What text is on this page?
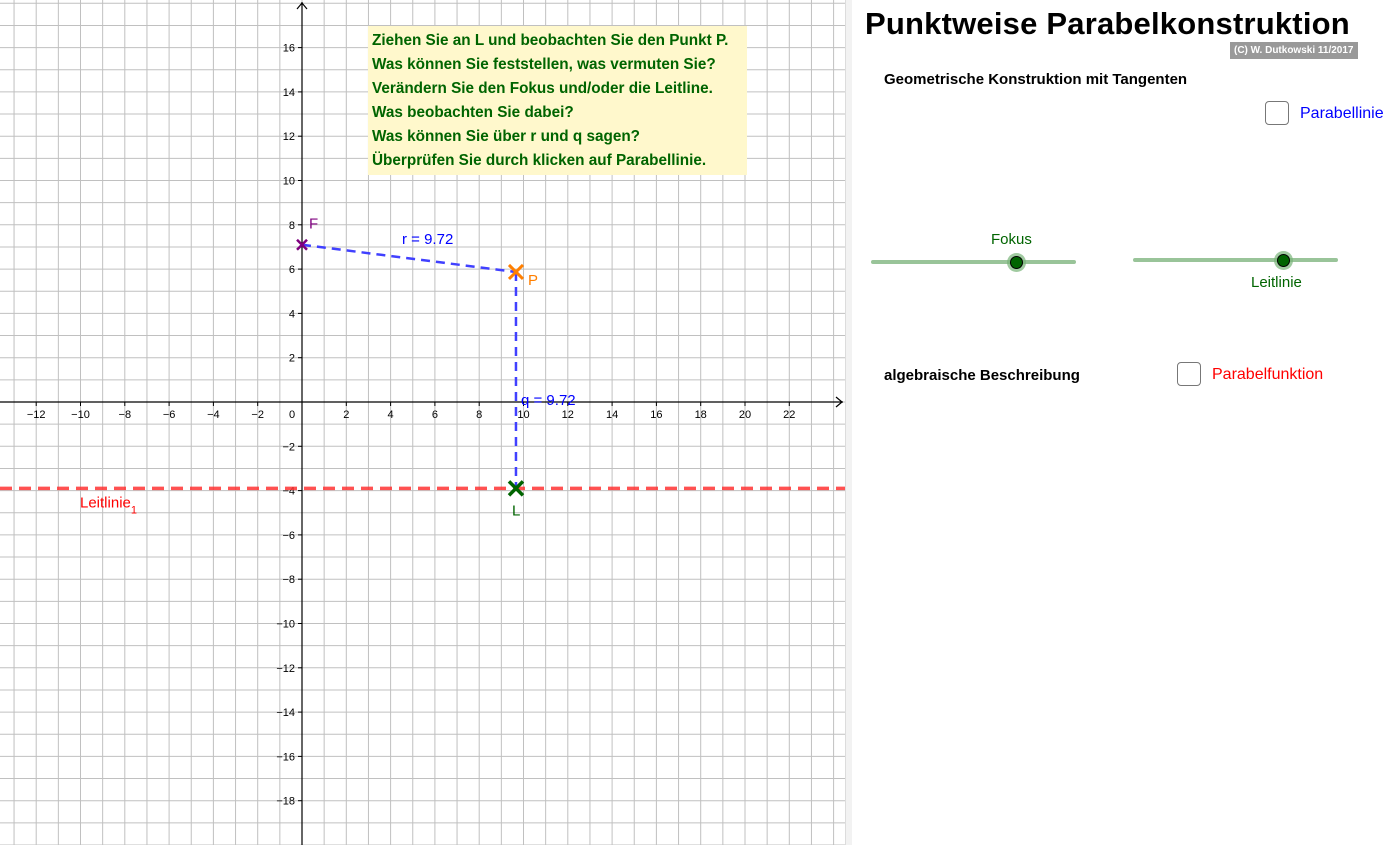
−12 −10	−8	−6	−4	−2 0	2	4	6	8	10	12	14	16	18	20	22
16
14
12
10
8
6
4
2
−2
−4
−6
−8
−10
−12
−14
−16
−18
Leitlinie$_1$
r = 9.72
q = 9.72
F
P
L
Ziehen Sie an L und beobachten Sie den Punkt P.
Was können Sie feststellen, was vermuten Sie?
Verändern Sie den Fokus und/oder die Leitline.
Was beobachten Sie dabei?
Was können Sie über r und q sagen?
Überprüfen Sie durch klicken auf Parabellinie.
Punktweise Parabelkonstruktion
(C) W. Dutkowski 11/2017
Geometrische Konstruktion mit Tangenten
Parabellinie
Fokus
Leitlinie
algebraische Beschreibung	Parabelfunktion
